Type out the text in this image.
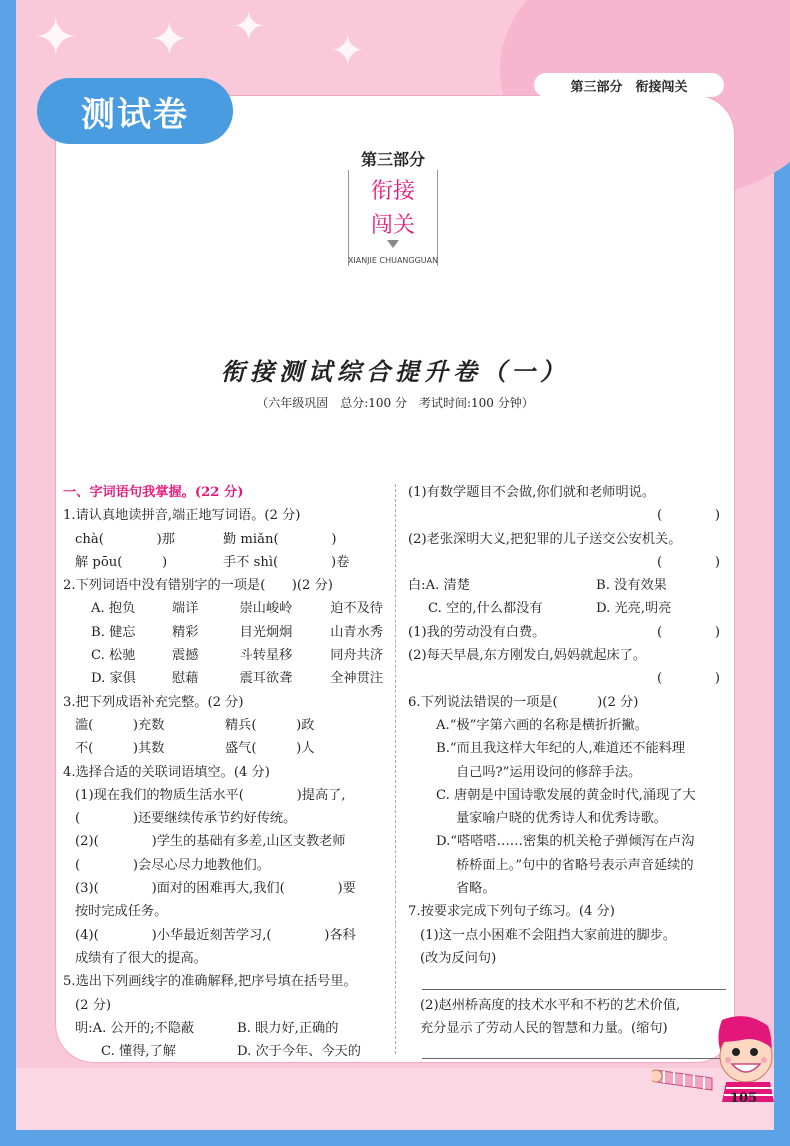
✦ ✦ ✦ ✦
测试卷
第三部分　衔接闯关
第三部分
衔接
闯关
XIANJIE CHUANGGUAN
衔接测试综合提升卷（一）
（六年级巩固　总分:100 分　考试时间:100 分钟）
一、字词语句我掌握。(22 分)
1.请认真地读拼音,端正地写词语。(2 分)
chà(　　　　)那	勤 miǎn(　　　　)
解 pōu(　　　)	手不 shì(　　　　)卷
2.下列词语中没有错别字的一项是(　　)(2 分)
A. 抱负	端详	崇山峻岭	迫不及待
B. 健忘	精彩	目光炯炯	山青水秀
C. 松驰	震撼	斗转星移	同舟共济
D. 家俱	慰藉	震耳欲聋	全神贯注
3.把下列成语补充完整。(2 分)
滥(　　　)充数	精兵(　　　)政
不(　　　)其数	盛气(　　　)人
4.选择合适的关联词语填空。(4 分)
(1)现在我们的物质生活水平(　　　　)提高了,
(　　　　)还要继续传承节约好传统。
(2)(　　　　)学生的基础有多差,山区支教老师
(　　　　)会尽心尽力地教他们。
(3)(　　　　)面对的困难再大,我们(　　　　)要
按时完成任务。
(4)(　　　　)小华最近刻苦学习,(　　　　)各科
成绩有了很大的提高。
5.选出下列画线字的准确解释,把序号填在括号里。
(2 分)
明:A. 公开的;不隐蔽	B. 眼力好,正确的
C. 懂得,了解	D. 次于今年、今天的
(1)有数学题目不会做,你们就和老师明说。
(　　　　)
(2)老张深明大义,把犯罪的儿子送交公安机关。
(　　　　)
白:A. 清楚	B. 没有效果
C. 空的,什么都没有	D. 光亮,明亮
(1)我的劳动没有白费。	(　　　　)
(2)每天早晨,东方刚发白,妈妈就起床了。
(　　　　)
6.下列说法错误的一项是(　　　)(2 分)
A.“极”字第六画的名称是横折折撇。
B.“而且我这样大年纪的人,难道还不能料理
自己吗?”运用设问的修辞手法。
C. 唐朝是中国诗歌发展的黄金时代,涌现了大
量家喻户晓的优秀诗人和优秀诗歌。
D.“嗒嗒嗒……密集的机关枪子弹倾泻在卢沟
桥桥面上。”句中的省略号表示声音延续的
省略。
7.按要求完成下列句子练习。(4 分)
(1)这一点小困难不会阻挡大家前进的脚步。
(改为反问句)
(2)赵州桥高度的技术水平和不朽的艺术价值,
充分显示了劳动人民的智慧和力量。(缩句)
105
